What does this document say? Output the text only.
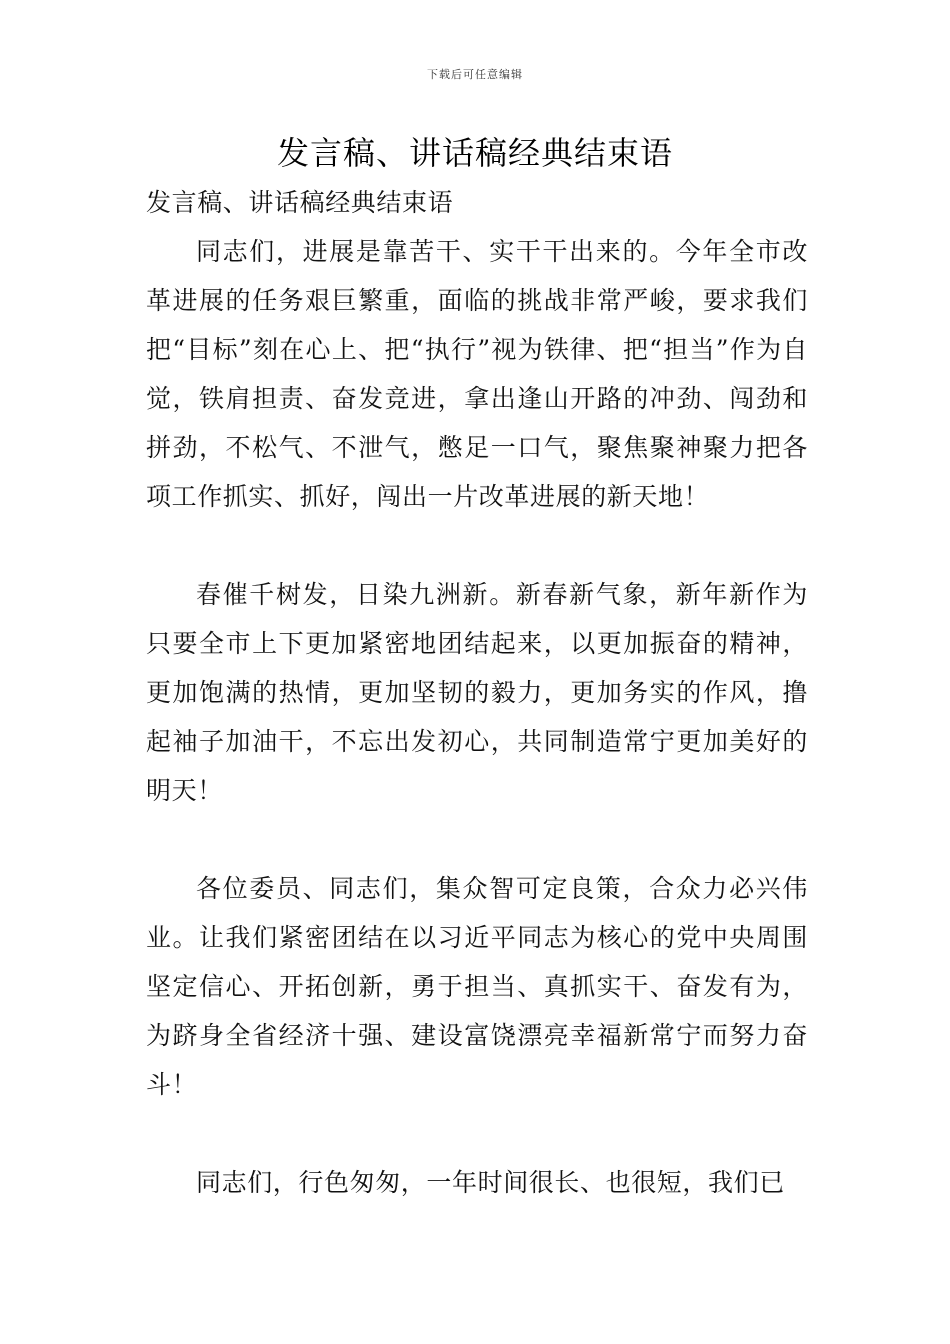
下载后可任意编辑
发言稿、讲话稿经典结束语

发言稿、讲话稿经典结束语

同志们，进展是靠苦干、实干干出来的。今年全市改革进展的任务艰巨繁重，面临的挑战非常严峻，要求我们把“目标”刻在心上、把“执行”视为铁律、把“担当”作为自觉，铁肩担责、奋发竞进，拿出逢山开路的冲劲、闯劲和拼劲，不松气、不泄气，憋足一口气，聚焦聚神聚力把各项工作抓实、抓好，闯出一片改革进展的新天地！

春催千树发，日染九洲新。新春新气象，新年新作为只要全市上下更加紧密地团结起来，以更加振奋的精神，更加饱满的热情，更加坚韧的毅力，更加务实的作风，撸起袖子加油干，不忘出发初心，共同制造常宁更加美好的明天！

各位委员、同志们，集众智可定良策，合众力必兴伟业。让我们紧密团结在以习近平同志为核心的党中央周围坚定信心、开拓创新，勇于担当、真抓实干、奋发有为，为跻身全省经济十强、建设富饶漂亮幸福新常宁而努力奋斗！

同志们，行色匆匆，一年时间很长、也很短，我们已
